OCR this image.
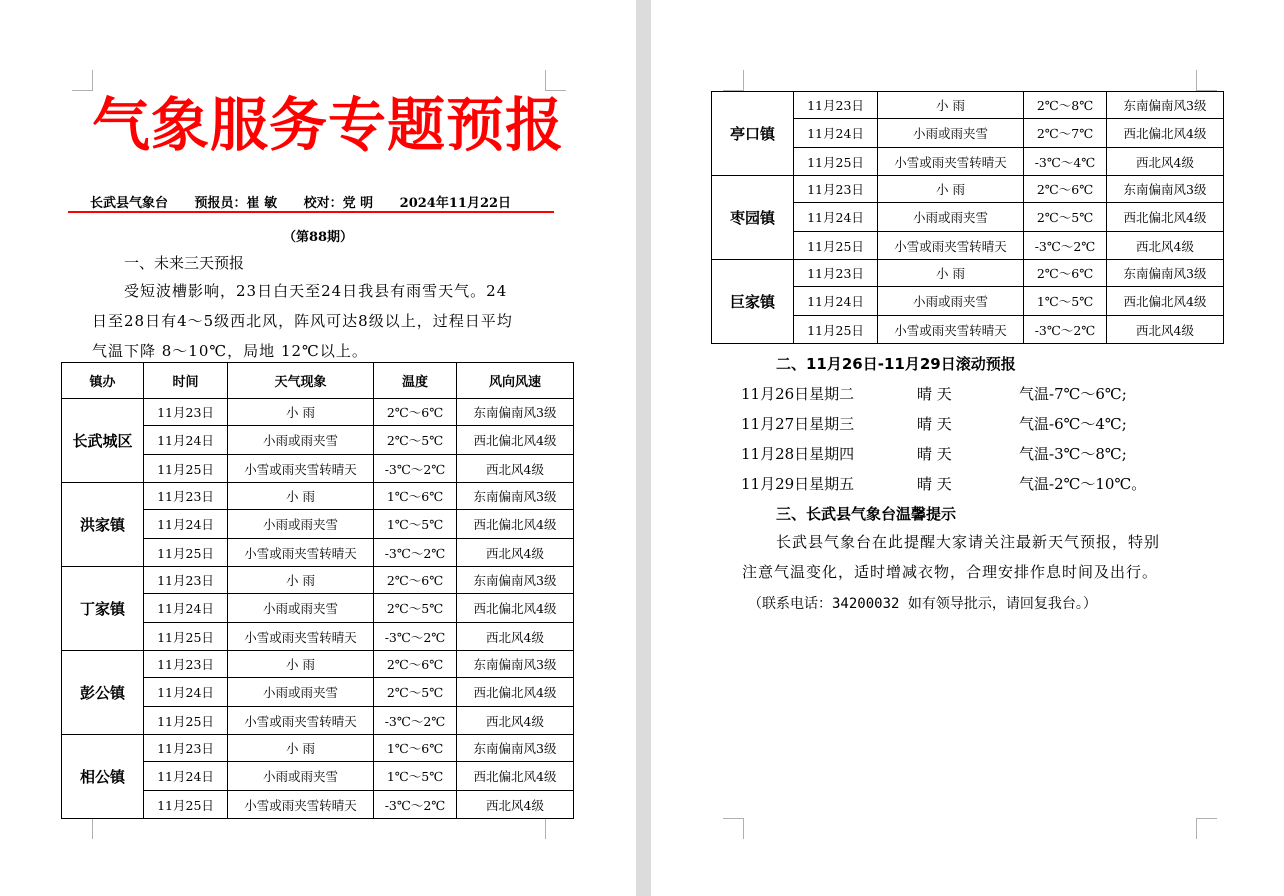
气象服务专题预报
长武县气象台 预报员：崔 敏 校对：党 明 2024年11月22日
（第88期）
一、未来三天预报
受短波槽影响，23日白天至24日我县有雨雪天气。24
日至28日有4～5级西北风，阵风可达8级以上，过程日平均
气温下降 8～10℃，局地 12℃以上。
镇办	时间	天气现象	温度	风向风速
长武城区	11月23日	小 雨	2℃～6℃	东南偏南风3级
	11月24日	小雨或雨夹雪	2℃～5℃	西北偏北风4级
	11月25日	小雪或雨夹雪转晴天	-3℃～2℃	西北风4级
洪家镇	11月23日	小 雨	1℃～6℃	东南偏南风3级
	11月24日	小雨或雨夹雪	1℃～5℃	西北偏北风4级
	11月25日	小雪或雨夹雪转晴天	-3℃～2℃	西北风4级
丁家镇	11月23日	小 雨	2℃～6℃	东南偏南风3级
	11月24日	小雨或雨夹雪	2℃～5℃	西北偏北风4级
	11月25日	小雪或雨夹雪转晴天	-3℃～2℃	西北风4级
彭公镇	11月23日	小 雨	2℃～6℃	东南偏南风3级
	11月24日	小雨或雨夹雪	2℃～5℃	西北偏北风4级
	11月25日	小雪或雨夹雪转晴天	-3℃～2℃	西北风4级
相公镇	11月23日	小 雨	1℃～6℃	东南偏南风3级
	11月24日	小雨或雨夹雪	1℃～5℃	西北偏北风4级
	11月25日	小雪或雨夹雪转晴天	-3℃～2℃	西北风4级
亭口镇	11月23日	小 雨	2℃～8℃	东南偏南风3级
	11月24日	小雨或雨夹雪	2℃～7℃	西北偏北风4级
	11月25日	小雪或雨夹雪转晴天	-3℃～4℃	西北风4级
枣园镇	11月23日	小 雨	2℃～6℃	东南偏南风3级
	11月24日	小雨或雨夹雪	2℃～5℃	西北偏北风4级
	11月25日	小雪或雨夹雪转晴天	-3℃～2℃	西北风4级
巨家镇	11月23日	小 雨	2℃～6℃	东南偏南风3级
	11月24日	小雨或雨夹雪	1℃～5℃	西北偏北风4级
	11月25日	小雪或雨夹雪转晴天	-3℃～2℃	西北风4级
二、11月26日-11月29日滚动预报
11月26日星期二	晴 天	气温-7℃～6℃;
11月27日星期三	晴 天	气温-6℃～4℃;
11月28日星期四	晴 天	气温-3℃～8℃;
11月29日星期五	晴 天	气温-2℃～10℃。
三、长武县气象台温馨提示
长武县气象台在此提醒大家请关注最新天气预报，特别
注意气温变化，适时增减衣物，合理安排作息时间及出行。
（联系电话：34200032 如有领导批示，请回复我台。）
